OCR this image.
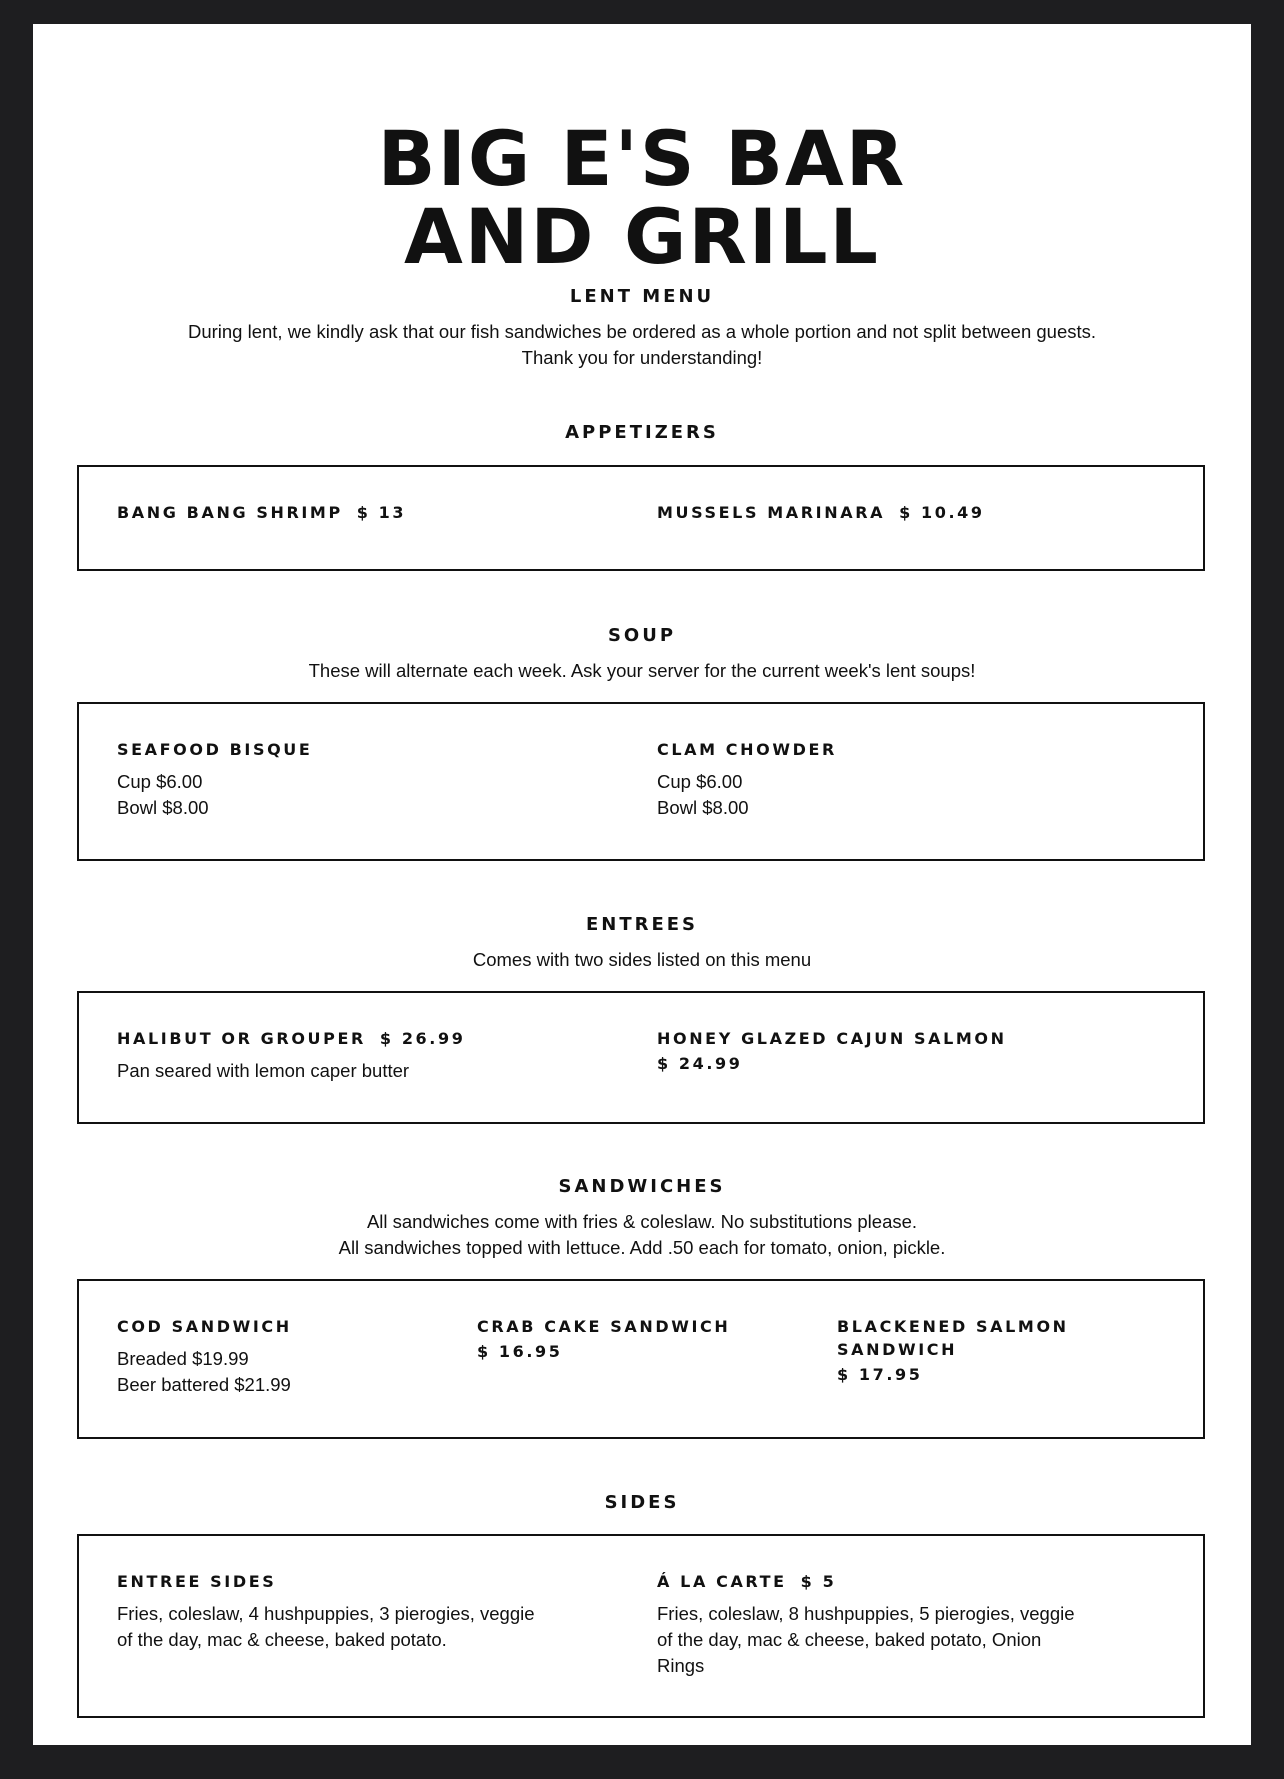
BIG E'S BAR
AND GRILL
LENT MENU

During lent, we kindly ask that our fish sandwiches be ordered as a whole portion and not split between guests.
Thank you for understanding!

APPETIZERS
BANG BANG SHRIMP $ 13	MUSSELS MARINARA $ 10.49
SOUP

These will alternate each week. Ask your server for the current week's lent soups!

SEAFOOD BISQUE
Cup $6.00
Bowl $8.00
CLAM CHOWDER
Cup $6.00
Bowl $8.00
ENTREES

Comes with two sides listed on this menu

HALIBUT OR GROUPER $ 26.99
Pan seared with lemon caper butter
HONEY GLAZED CAJUN SALMON
$ 24.99
SANDWICHES

All sandwiches come with fries & coleslaw. No substitutions please.
All sandwiches topped with lettuce. Add .50 each for tomato, onion, pickle.

COD SANDWICH
Breaded $19.99
Beer battered $21.99
CRAB CAKE SANDWICH
$ 16.95
BLACKENED SALMON
SANDWICH
$ 17.95
SIDES
ENTREE SIDES
Fries, coleslaw, 4 hushpuppies, 3 pierogies, veggie
of the day, mac & cheese, baked potato.
Á LA CARTE $ 5
Fries, coleslaw, 8 hushpuppies, 5 pierogies, veggie
of the day, mac & cheese, baked potato, Onion
Rings
